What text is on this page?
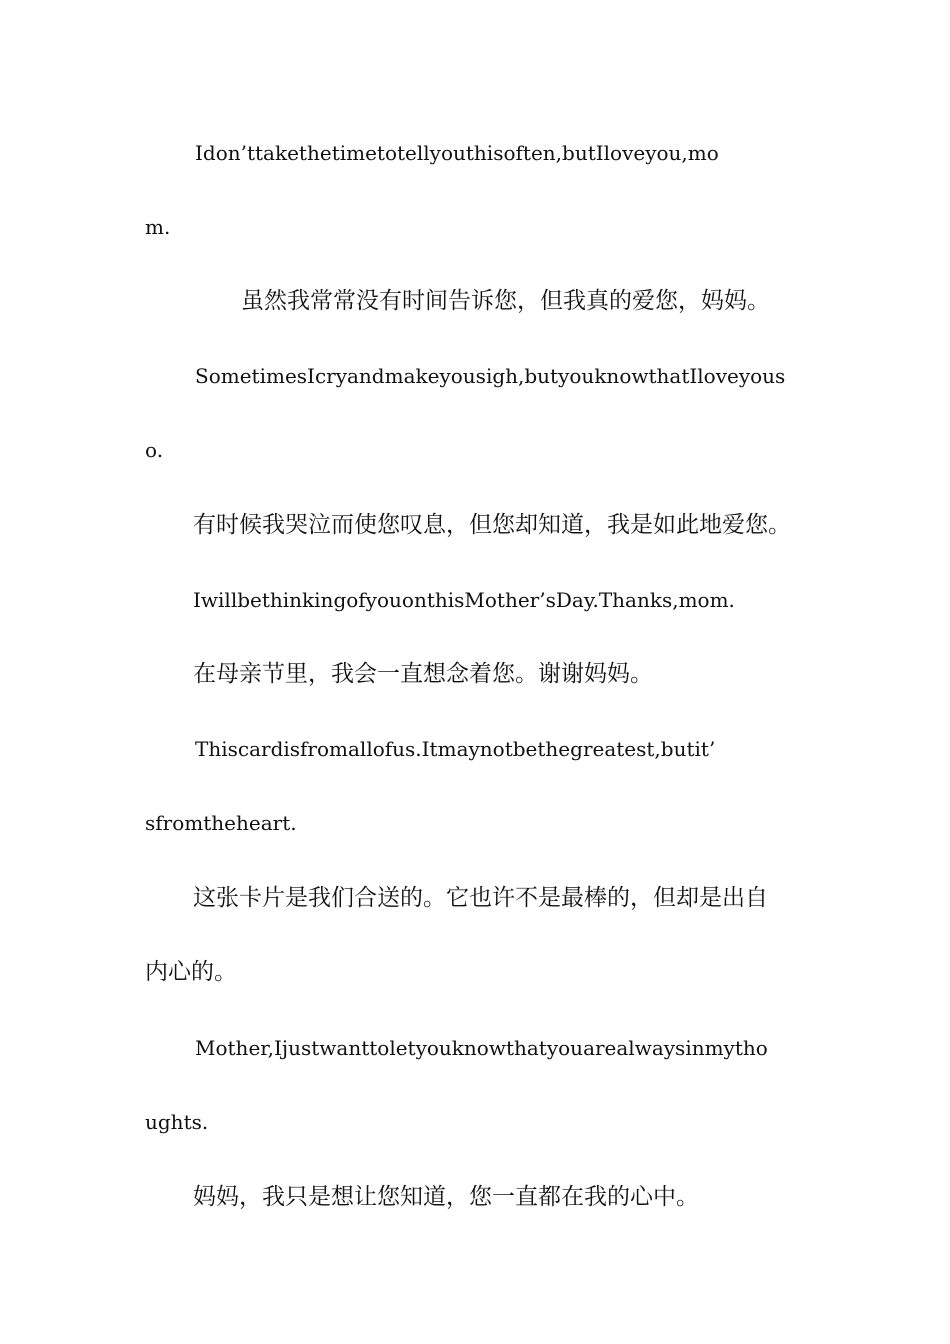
Idon’ttakethetimetotellyouthisoften,butIloveyou,mo
m.
虽然我常常没有时间告诉您，但我真的爱您，妈妈。
SometimesIcryandmakeyousigh,butyouknowthatIloveyous
o.
有时候我哭泣而使您叹息，但您却知道，我是如此地爱您。
IwillbethinkingofyouonthisMother’sDay.Thanks,mom.
在母亲节里，我会一直想念着您。谢谢妈妈。
Thiscardisfromallofus.Itmaynotbethegreatest,butit’
sfromtheheart.
这张卡片是我们合送的。它也许不是最棒的，但却是出自
内心的。
Mother,Ijustwanttoletyouknowthatyouarealwaysinmytho
ughts.
妈妈，我只是想让您知道，您一直都在我的心中。
